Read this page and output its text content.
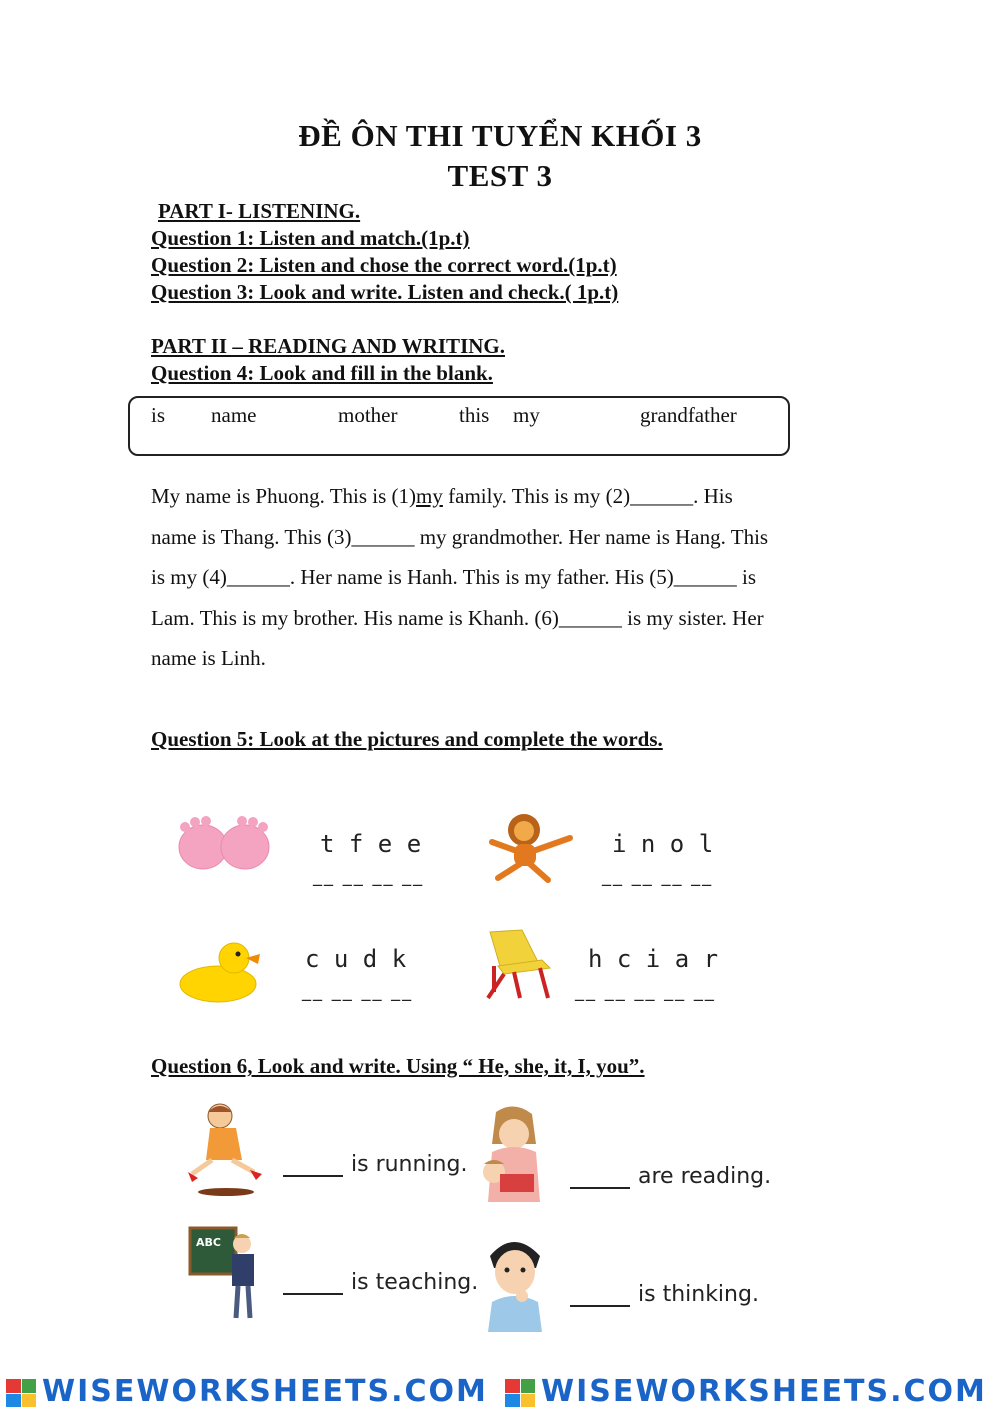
ĐỀ ÔN THI TUYỂN KHỐI 3
TEST 3
PART I- LISTENING.
Question 1: Listen and match.(1p.t)
Question 2: Listen and chose the correct word.(1p.t)
Question 3: Look and write. Listen and check.( 1p.t)
PART II – READING AND WRITING.
Question 4: Look and fill in the blank.
is name	mother	this my	grandfather

My name is Phuong. This is (1)my family. This is my (2)______. His

name is Thang. This (3)______ my grandmother. Her name is Hang. This

is my (4)______. Her name is Hanh. This is my father. His (5)______ is

Lam. This is my brother. His name is Khanh. (6)______ is my sister. Her

name is Linh.

Question 5: Look at the pictures and complete the words.
t f e e
__ __ __ __
i n o l
__ __ __ __
c u d k
__ __ __ __
h c i a r
__ __ __ __ __
Question 6, Look and write. Using “ He, she, it, I, you”.
is running.	are reading.
ABC
is teaching.	is thinking.
WISEWORKSHEETS.COM WISEWORKSHEETS.COM
